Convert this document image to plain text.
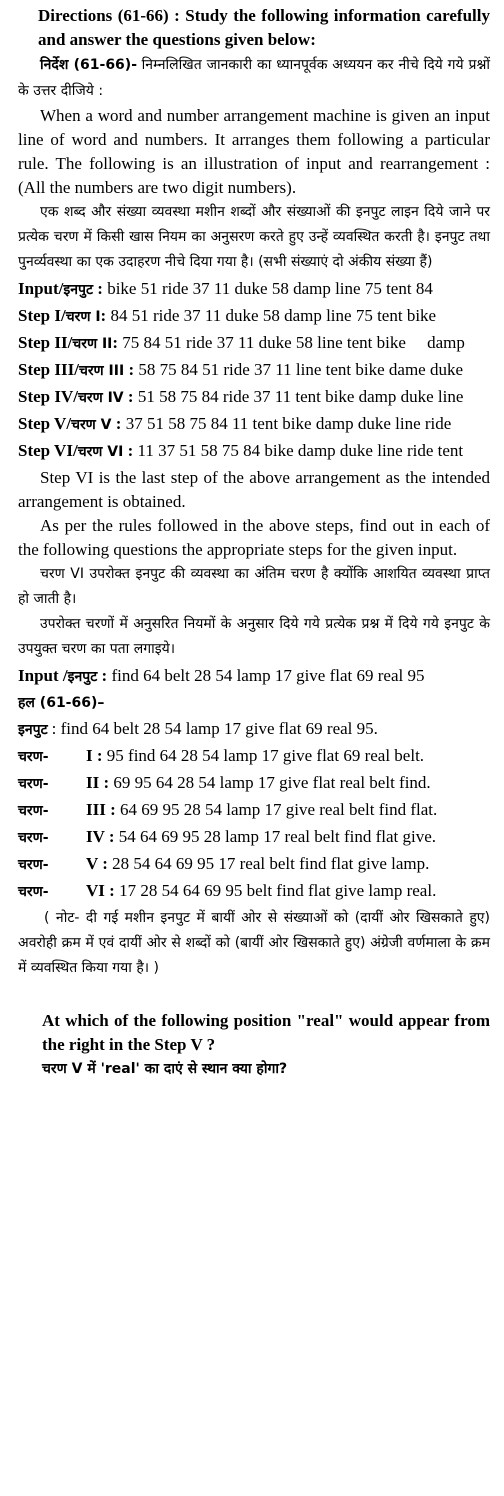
Directions (61-66) : Study the following information carefully and answer the questions given below:

निर्देश (61-66)- निम्नलिखित जानकारी का ध्यानपूर्वक अध्ययन कर नीचे दिये गये प्रश्नों के उत्तर दीजिये :

When a word and number arrangement machine is given an input line of word and numbers. It arranges them following a particular rule. The following is an illustration of input and rearrangement : (All the numbers are two digit numbers).

एक शब्द और संख्या व्यवस्था मशीन शब्दों और संख्याओं की इनपुट लाइन दिये जाने पर प्रत्येक चरण में किसी खास नियम का अनुसरण करते हुए उन्हें व्यवस्थित करती है। इनपुट तथा पुनर्व्यवस्था का एक उदाहरण नीचे दिया गया है। (सभी संख्याएं दो अंकीय संख्या हैं)

Input/इनपुट : bike 51 ride 37 11 duke 58 damp line 75 tent 84

Step I/चरण I: 84 51 ride 37 11 duke 58 damp line 75 tent bike

Step II/चरण II: 75 84 51 ride 37 11 duke 58 line tent bike     damp

Step III/चरण III : 58 75 84 51 ride 37 11 line tent bike dame duke

Step IV/चरण IV : 51 58 75 84 ride 37 11 tent bike damp duke line

Step V/चरण V : 37 51 58 75 84 11 tent bike damp duke line ride

Step VI/चरण VI : 11 37 51 58 75 84 bike damp duke line ride tent

Step VI is the last step of the above arrangement as the intended arrangement is obtained.

As per the rules followed in the above steps, find out in each of the following questions the appropriate steps for the given input.

चरण VI उपरोक्त इनपुट की व्यवस्था का अंतिम चरण है क्योंकि आशयित व्यवस्था प्राप्त हो जाती है।

उपरोक्त चरणों में अनुसरित नियमों के अनुसार दिये गये प्रत्येक प्रश्न में दिये गये इनपुट के उपयुक्त चरण का पता लगाइये।

Input /इनपुट : find 64 belt 28 54 lamp 17 give flat 69 real 95

हल (61-66)–

इनपुट : find 64 belt 28 54 lamp 17 give flat 69 real 95.
चरण-	I : 95 find 64 28 54 lamp 17 give flat 69 real belt.
चरण-	II : 69 95 64 28 54 lamp 17 give flat real belt find.
चरण-	III : 64 69 95 28 54 lamp 17 give real belt find flat.
चरण-	IV : 54 64 69 95 28 lamp 17 real belt find flat give.
चरण-	V : 28 54 64 69 95 17 real belt find flat give lamp.
चरण-	VI : 17 28 54 64 69 95 belt find flat give lamp real.

( नोट- दी गई मशीन इनपुट में बायीं ओर से संख्याओं को (दायीं ओर खिसकाते हुए) अवरोही क्रम में एवं दायीं ओर से शब्दों को (बायीं ओर खिसकाते हुए) अंग्रेजी वर्णमाला के क्रम में व्यवस्थित किया गया है। )

At which of the following position "real" would appear from the right in the Step V ?

चरण V में 'real' का दाएं से स्थान क्या होगा?
